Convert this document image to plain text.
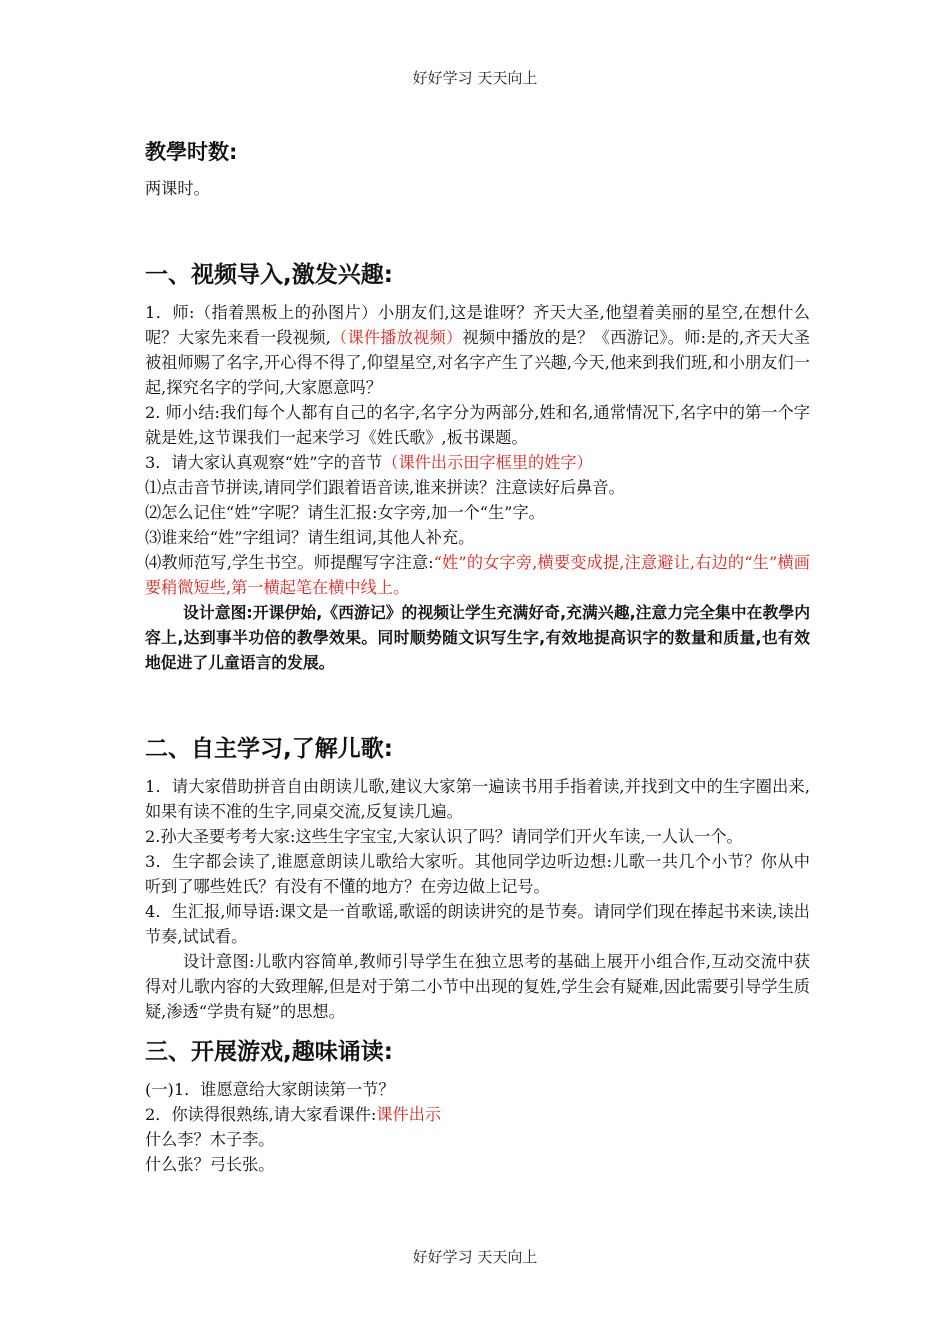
好好学习 天天向上
教學时数:

两课时。

一、视频导入,激发兴趣:

1．师:（指着黑板上的孙图片）小朋友们,这是谁呀？齐天大圣,他望着美丽的星空,在想什么呢？大家先来看一段视频,（课件播放视频）视频中播放的是？《西游记》。师:是的,齐天大圣被祖师赐了名字,开心得不得了,仰望星空,对名字产生了兴趣,今天,他来到我们班,和小朋友们一起,探究名字的学问,大家愿意吗？

2. 师小结:我们每个人都有自己的名字,名字分为两部分,姓和名,通常情况下,名字中的第一个字就是姓,这节课我们一起来学习《姓氏歌》,板书课题。

3．请大家认真观察“姓”字的音节（课件出示田字框里的姓字）

⑴点击音节拼读,请同学们跟着语音读,谁来拼读？注意读好后鼻音。

⑵怎么记住“姓”字呢？请生汇报:女字旁,加一个“生”字。

⑶谁来给“姓”字组词？请生组词,其他人补充。

⑷教师范写,学生书空。师提醒写字注意:“姓”的女字旁,横要变成提,注意避让,右边的“生”横画要稍微短些,第一横起笔在横中线上。

设计意图:开课伊始,《西游记》的视频让学生充满好奇,充满兴趣,注意力完全集中在教學内容上,达到事半功倍的教學效果。同时顺势随文识写生字,有效地提高识字的数量和质量,也有效地促进了儿童语言的发展。

二、自主学习,了解儿歌:

1．请大家借助拼音自由朗读儿歌,建议大家第一遍读书用手指着读,并找到文中的生字圈出来,如果有读不准的生字,同桌交流,反复读几遍。

2.孙大圣要考考大家:这些生字宝宝,大家认识了吗？请同学们开火车读,一人认一个。

3．生字都会读了,谁愿意朗读儿歌给大家听。其他同学边听边想:儿歌一共几个小节？你从中听到了哪些姓氏？有没有不懂的地方？在旁边做上记号。

4．生汇报,师导语:课文是一首歌谣,歌谣的朗读讲究的是节奏。请同学们现在捧起书来读,读出节奏,试试看。

设计意图:儿歌内容简单,教师引导学生在独立思考的基础上展开小组合作,互动交流中获得对儿歌内容的大致理解,但是对于第二小节中出现的复姓,学生会有疑难,因此需要引导学生质疑,渗透“学贵有疑”的思想。

三、开展游戏,趣味诵读:

(一)1．谁愿意给大家朗读第一节？

2．你读得很熟练,请大家看课件:课件出示

什么李？木子李。

什么张？弓长张。

好好学习 天天向上
